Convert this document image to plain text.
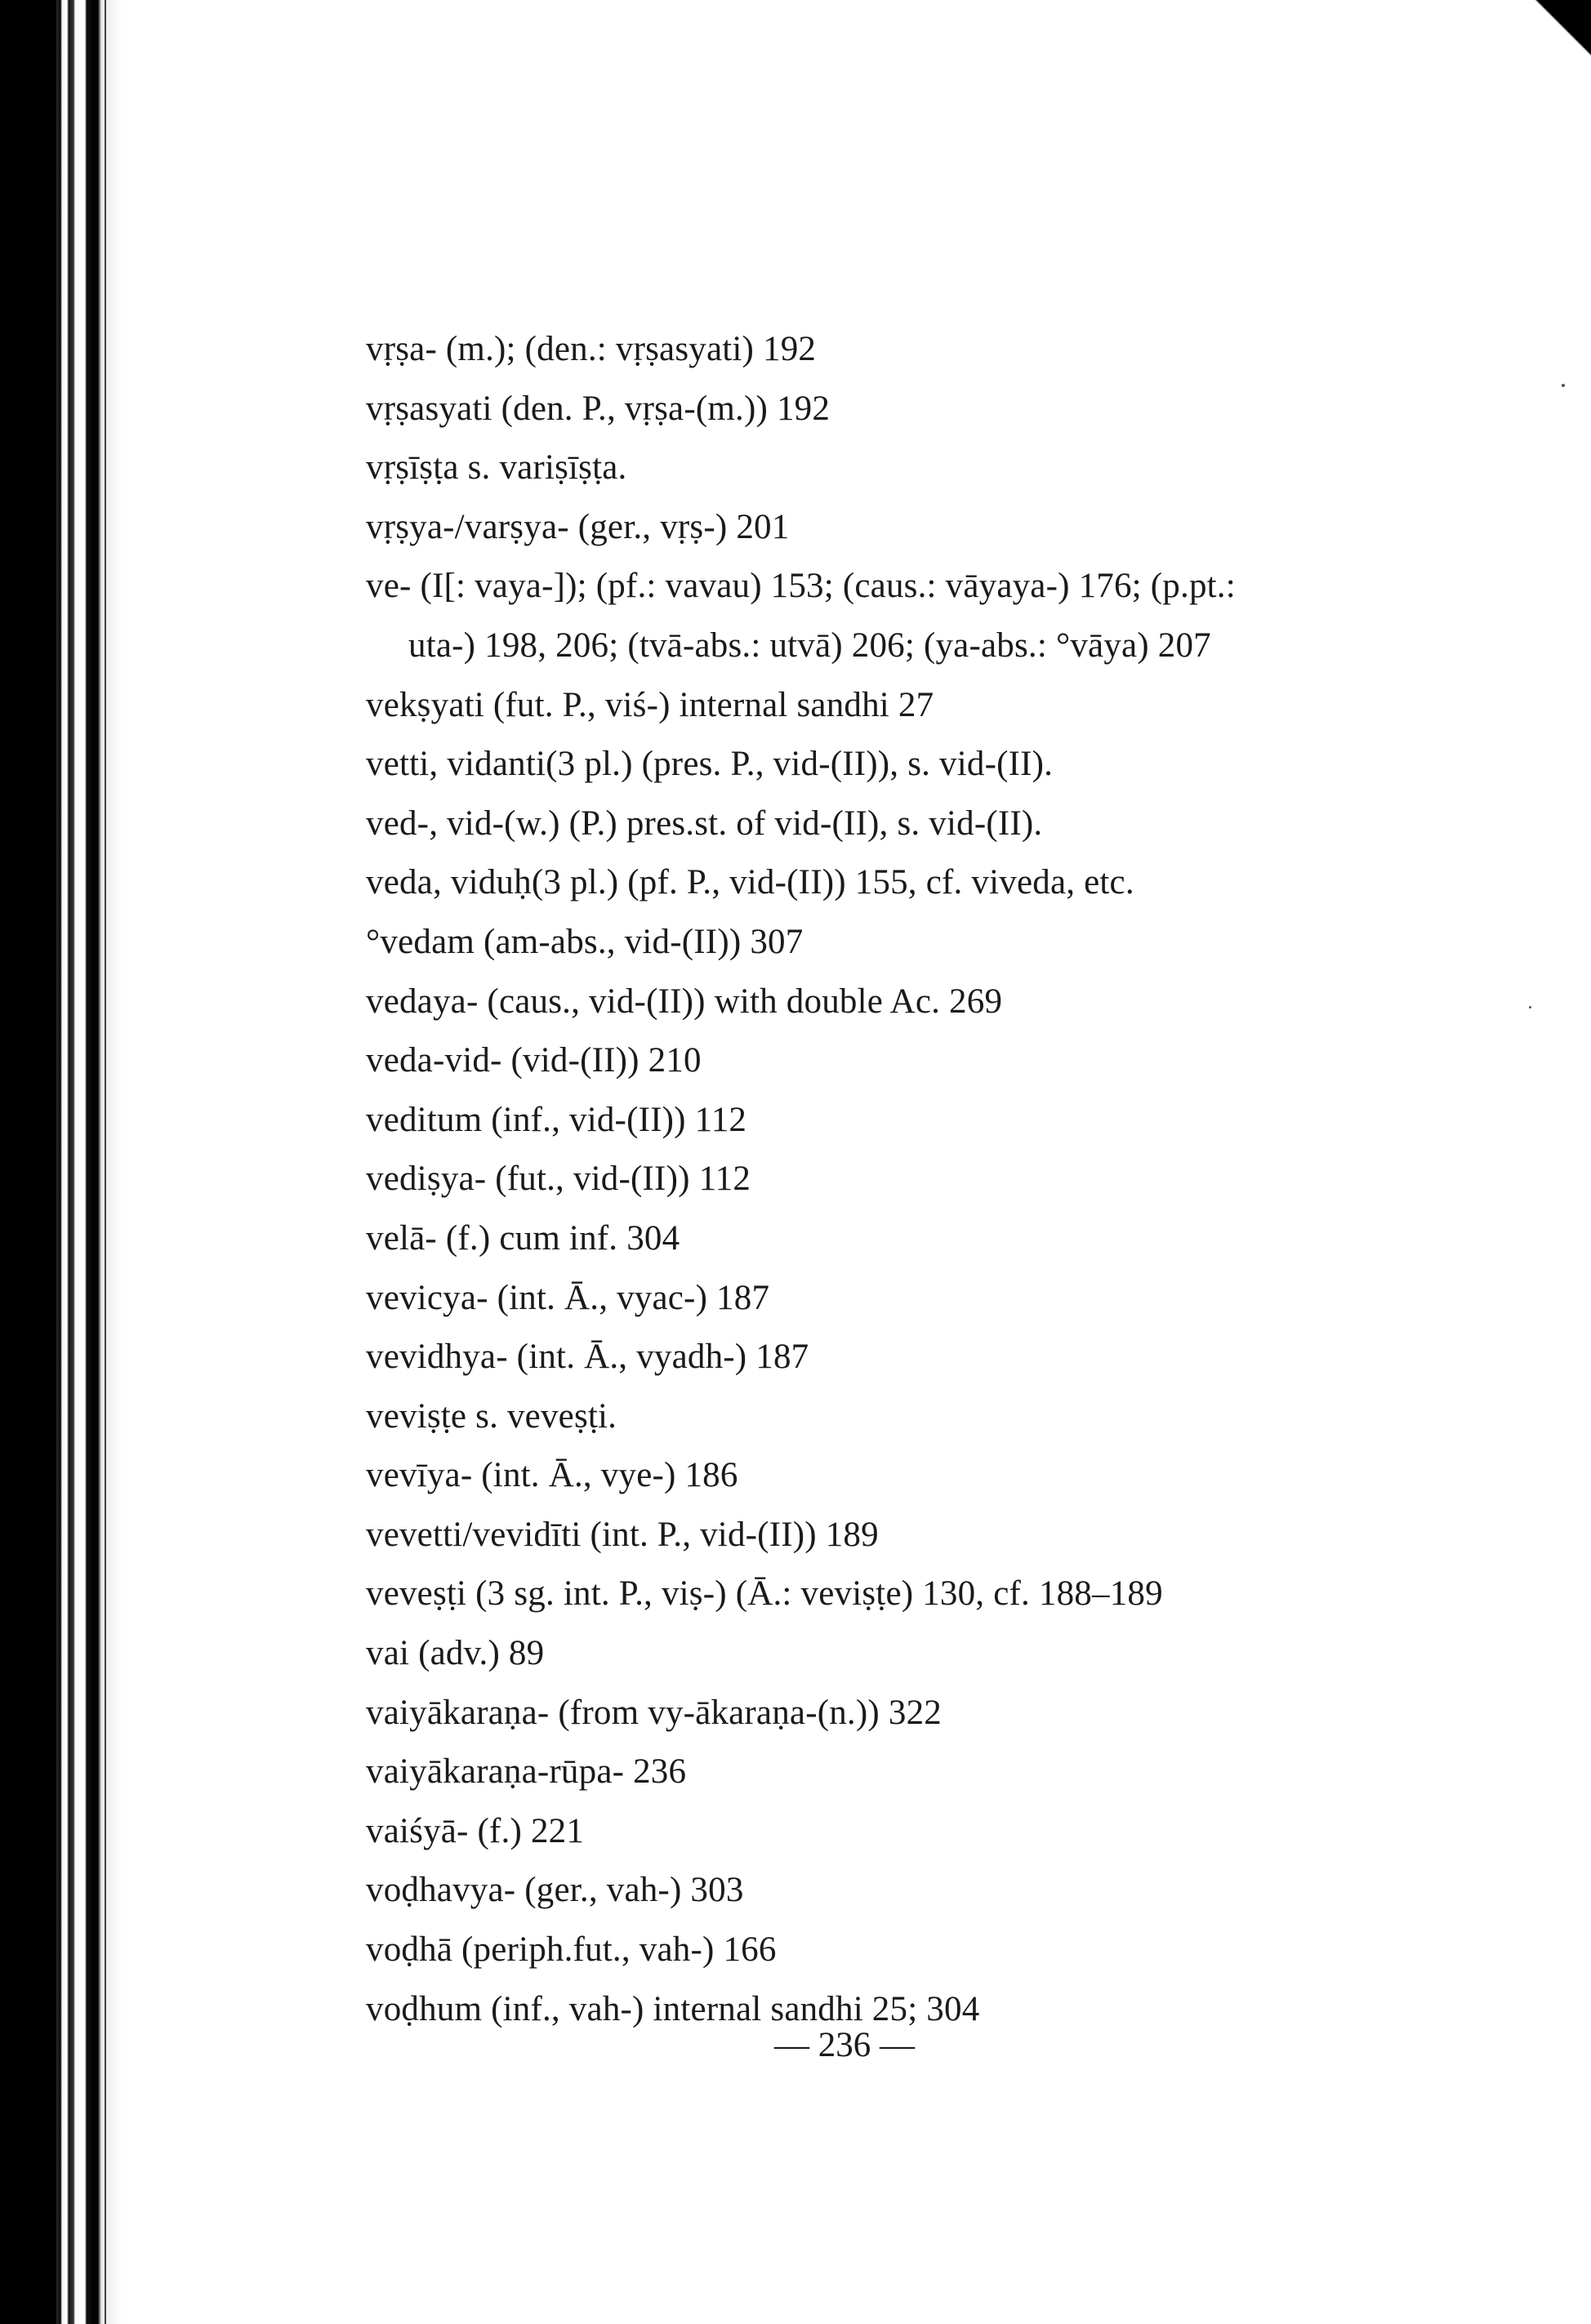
vṛṣa- (m.); (den.: vṛṣasyati) 192
vṛṣasyati (den. P., vṛṣa-(m.)) 192
vṛṣīṣṭa s. variṣīṣṭa.
vṛṣya-/varṣya- (ger., vṛṣ-) 201
ve- (I[: vaya-]); (pf.: vavau) 153; (caus.: vāyaya-) 176; (p.pt.:
uta-) 198, 206; (tvā-abs.: utvā) 206; (ya-abs.: °vāya) 207
vekṣyati (fut. P., viś-) internal sandhi 27
vetti, vidanti(3 pl.) (pres. P., vid-(II)), s. vid-(II).
ved-, vid-(w.) (P.) pres.st. of vid-(II), s. vid-(II).
veda, viduḥ(3 pl.) (pf. P., vid-(II)) 155, cf. viveda, etc.
°vedam (am-abs., vid-(II)) 307
vedaya- (caus., vid-(II)) with double Ac. 269
veda-vid- (vid-(II)) 210
veditum (inf., vid-(II)) 112
vediṣya- (fut., vid-(II)) 112
velā- (f.) cum inf. 304
vevicya- (int. Ā., vyac-) 187
vevidhya- (int. Ā., vyadh-) 187
veviṣṭe s. veveṣṭi.
vevīya- (int. Ā., vye-) 186
vevetti/vevidīti (int. P., vid-(II)) 189
veveṣṭi (3 sg. int. P., viṣ-) (Ā.: veviṣṭe) 130, cf. 188–189
vai (adv.) 89
vaiyākaraṇa- (from vy-ākaraṇa-(n.)) 322
vaiyākaraṇa-rūpa- 236
vaiśyā- (f.) 221
voḍhavya- (ger., vah-) 303
voḍhā (periph.fut., vah-) 166
voḍhum (inf., vah-) internal sandhi 25; 304
— 236 —
